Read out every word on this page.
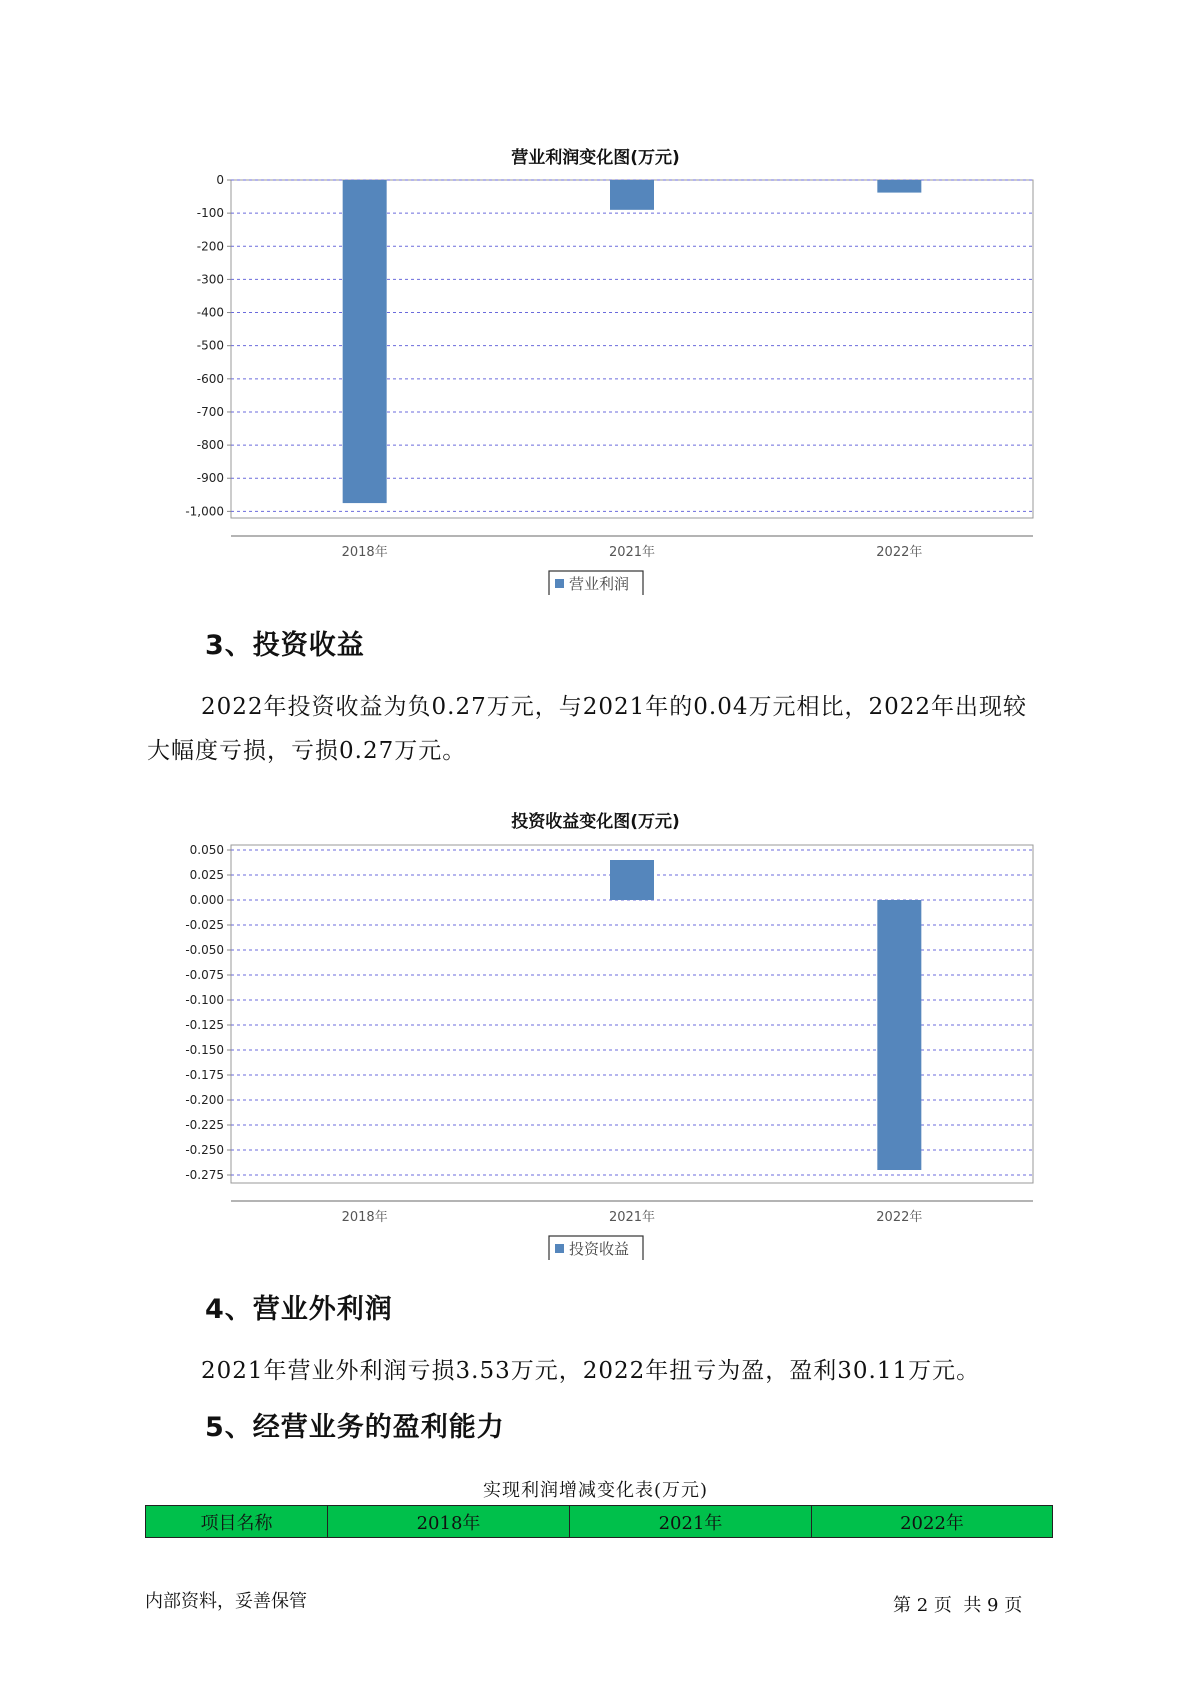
营业利润变化图(万元)
0
-100
-200
-300
-400
-500
-600
-700
-800
-900
-1,000
2018年	2021年	2022年
营业利润
3、投资收益

2022年投资收益为负0.27万元，与2021年的0.04万元相比，2022年出现较大幅度亏损，亏损0.27万元。

投资收益变化图(万元)
0.050
0.025
0.000
-0.025
-0.050
-0.075
-0.100
-0.125
-0.150
-0.175
-0.200
-0.225
-0.250
-0.275
2018年	2021年	2022年
投资收益
4、营业外利润

2021年营业外利润亏损3.53万元，2022年扭亏为盈，盈利30.11万元。

5、经营业务的盈利能力
实现利润增减变化表(万元)
项目名称	2018年	2021年	2022年
内部资料，妥善保管	第 2 页  共 9 页
